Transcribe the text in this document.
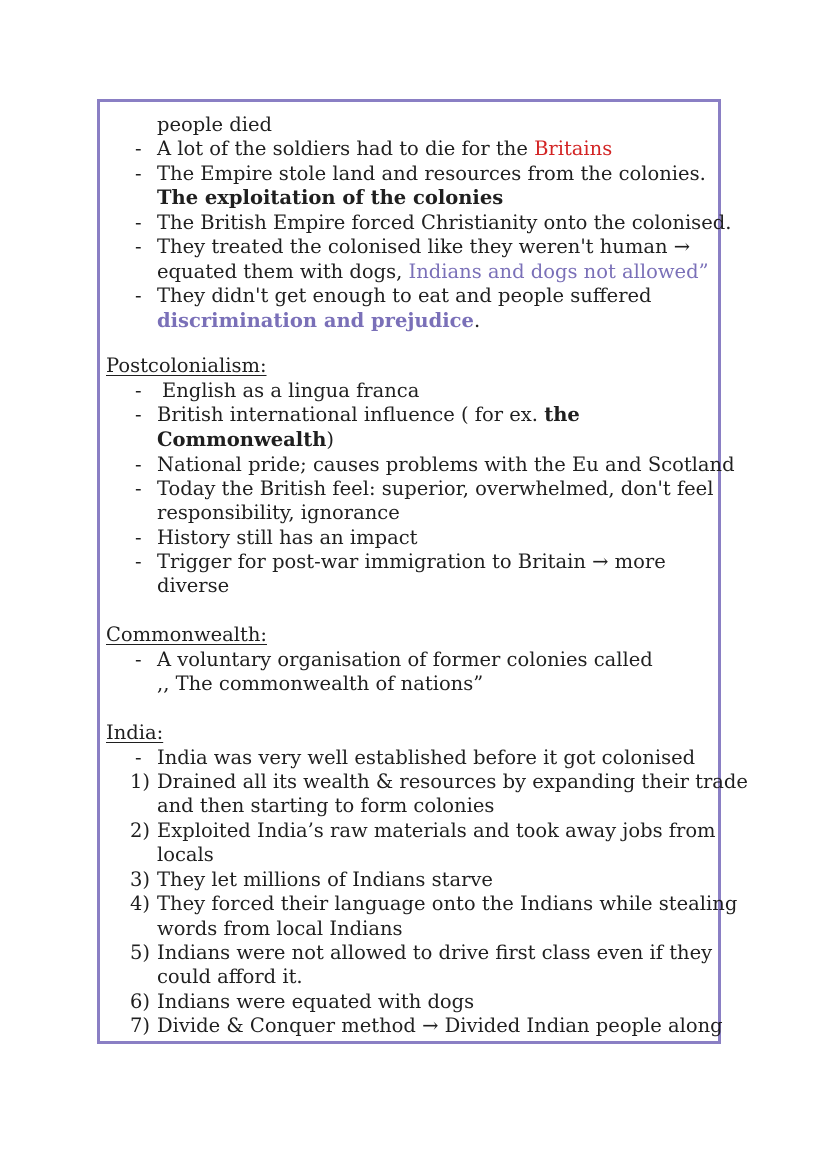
people died
- A lot of the soldiers had to die for the Britains
- The Empire stole land and resources from the colonies.
The exploitation of the colonies
- The British Empire forced Christianity onto the colonised.
- They treated the colonised like they weren't human →
equated them with dogs, Indians and dogs not allowed”
- They didn't get enough to eat and people suffered
discrimination and prejudice.
Postcolonialism:
- English as a lingua franca
- British international influence ( for ex. the
Commonwealth)
- National pride; causes problems with the Eu and Scotland
- Today the British feel: superior, overwhelmed, don't feel
responsibility, ignorance
- History still has an impact
- Trigger for post-war immigration to Britain → more
diverse
Commonwealth:
- A voluntary organisation of former colonies called
,, The commonwealth of nations”
India:
- India was very well established before it got colonised
1) Drained all its wealth & resources by expanding their trade
and then starting to form colonies
2) Exploited India’s raw materials and took away jobs from
locals
3) They let millions of Indians starve
4) They forced their language onto the Indians while stealing
words from local Indians
5) Indians were not allowed to drive first class even if they
could afford it.
6) Indians were equated with dogs
7) Divide & Conquer method → Divided Indian people along
